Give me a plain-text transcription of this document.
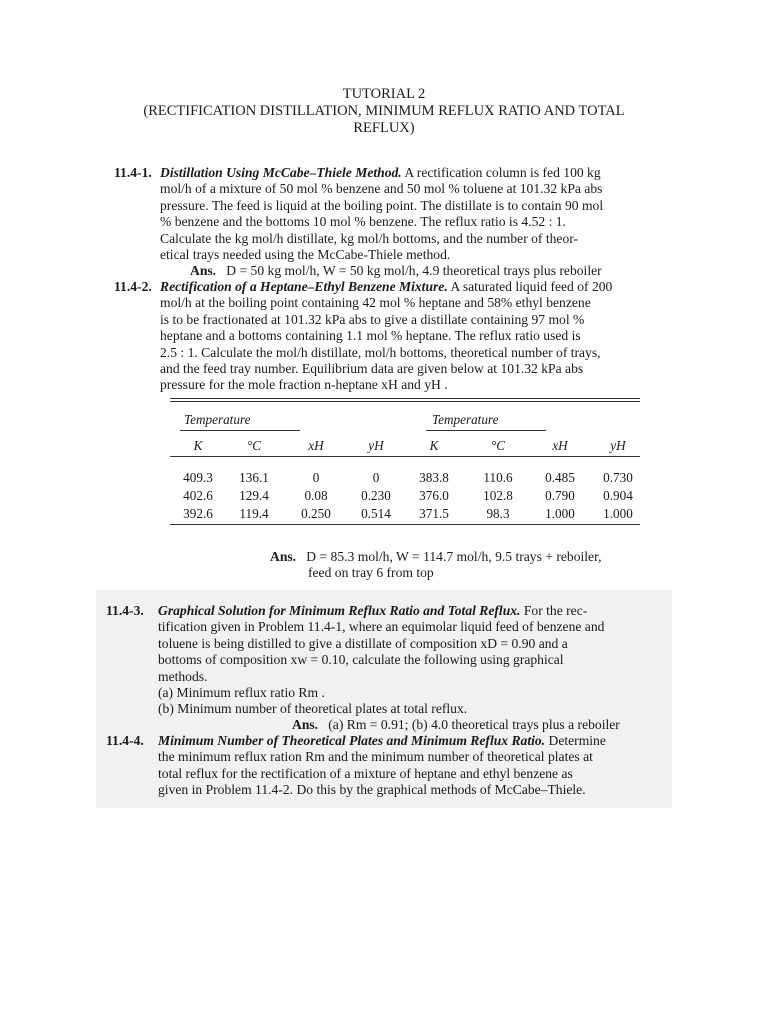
TUTORIAL 2
(RECTIFICATION DISTILLATION, MINIMUM REFLUX RATIO AND TOTAL
REFLUX)
11.4-1. Distillation Using McCabe–Thiele Method. A rectification column is fed 100 kg
mol/h of a mixture of 50 mol % benzene and 50 mol % toluene at 101.32 kPa abs
pressure. The feed is liquid at the boiling point. The distillate is to contain 90 mol
% benzene and the bottoms 10 mol % benzene. The reflux ratio is 4.52 : 1.
Calculate the kg mol/h distillate, kg mol/h bottoms, and the number of theor-
etical trays needed using the McCabe-Thiele method.
Ans. D = 50 kg mol/h, W = 50 kg mol/h, 4.9 theoretical trays plus reboiler
11.4-2. Rectification of a Heptane–Ethyl Benzene Mixture. A saturated liquid feed of 200
mol/h at the boiling point containing 42 mol % heptane and 58% ethyl benzene
is to be fractionated at 101.32 kPa abs to give a distillate containing 97 mol %
heptane and a bottoms containing 1.1 mol % heptane. The reflux ratio used is
2.5 : 1. Calculate the mol/h distillate, mol/h bottoms, theoretical number of trays,
and the feed tray number. Equilibrium data are given below at 101.32 kPa abs
pressure for the mole fraction n-heptane xH and yH .
Temperature	Temperature
K	°C	xH	yH	K	°C	xH	yH
409.3	136.1	0	0	383.8	110.6	0.485	0.730
402.6	129.4	0.08	0.230	376.0	102.8	0.790	0.904
392.6	119.4	0.250	0.514	371.5	98.3	1.000	1.000
Ans. D = 85.3 mol/h, W = 114.7 mol/h, 9.5 trays + reboiler,
feed on tray 6 from top
11.4-3. Graphical Solution for Minimum Reflux Ratio and Total Reflux. For the rec-
tification given in Problem 11.4-1, where an equimolar liquid feed of benzene and
toluene is being distilled to give a distillate of composition xD = 0.90 and a
bottoms of composition xw = 0.10, calculate the following using graphical
methods.
(a) Minimum reflux ratio Rm .
(b) Minimum number of theoretical plates at total reflux.
Ans. (a) Rm = 0.91; (b) 4.0 theoretical trays plus a reboiler
11.4-4. Minimum Number of Theoretical Plates and Minimum Reflux Ratio. Determine
the minimum reflux ration Rm and the minimum number of theoretical plates at
total reflux for the rectification of a mixture of heptane and ethyl benzene as
given in Problem 11.4-2. Do this by the graphical methods of McCabe–Thiele.
